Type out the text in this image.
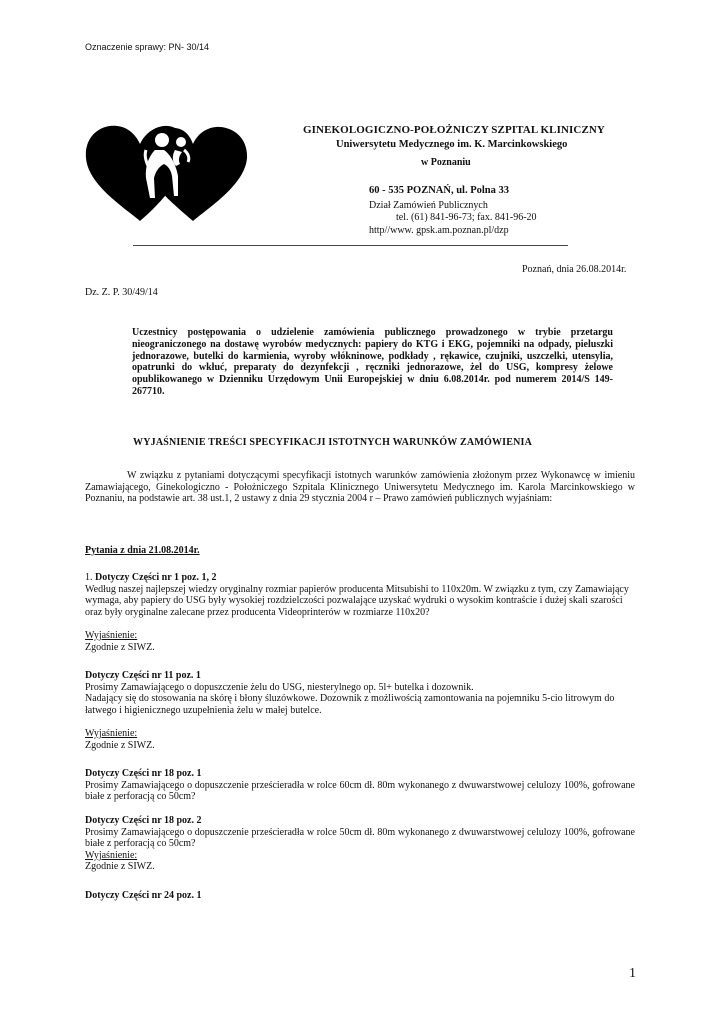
Oznaczenie sprawy: PN- 30/14
GINEKOLOGICZNO-POŁOŻNICZY SZPITAL KLINICZNY
Uniwersytetu Medycznego im. K. Marcinkowskiego
w Poznaniu
60 - 535 POZNAŃ, ul. Polna 33
Dział Zamówień Publicznych
tel. (61) 841-96-73; fax. 841-96-20
http//www. gpsk.am.poznan.pl/dzp
Poznań, dnia 26.08.2014r.
Dz. Z. P. 30/49/14
Uczestnicy postępowania o udzielenie zamówienia publicznego prowadzonego w trybie przetargu nieograniczonego na dostawę wyrobów medycznych: papiery do KTG i EKG, pojemniki na odpady, pieluszki jednorazowe, butelki do karmienia, wyroby włókninowe, podkłady , rękawice, czujniki, uszczelki, utensylia, opatrunki do wkłuć, preparaty do dezynfekcji , ręczniki jednorazowe, żel do USG, kompresy żelowe opublikowanego w Dzienniku Urzędowym Unii Europejskiej w dniu 6.08.2014r. pod numerem 2014/S 149-267710.
WYJAŚNIENIE TREŚCI SPECYFIKACJI ISTOTNYCH WARUNKÓW ZAMÓWIENIA
W związku z pytaniami dotyczącymi specyfikacji istotnych warunków zamówienia złożonym przez Wykonawcę w imieniu Zamawiającego, Ginekologiczno - Położniczego Szpitala Klinicznego Uniwersytetu Medycznego im. Karola Marcinkowskiego w Poznaniu, na podstawie art. 38 ust.1, 2 ustawy z dnia 29 stycznia 2004 r – Prawo zamówień publicznych wyjaśniam:
Pytania z dnia 21.08.2014r.

1. Dotyczy Części nr 1 poz. 1, 2

Według naszej najlepszej wiedzy oryginalny rozmiar papierów producenta Mitsubishi to 110x20m. W związku z tym, czy Zamawiający wymaga, aby papiery do USG były wysokiej rozdzielczości pozwalające uzyskać wydruki o wysokim kontraście i dużej skali szarości oraz były oryginalne zalecane przez producenta Videoprinterów w rozmiarze 110x20?

Wyjaśnienie:

Zgodnie z SIWZ.

Dotyczy Części nr 11 poz. 1

Prosimy Zamawiającego o dopuszczenie żelu do USG, niesterylnego op. 5l+ butelka i dozownik.

Nadający się do stosowania na skórę i błony śluzówkowe. Dozownik z możliwością zamontowania na pojemniku 5-cio litrowym do łatwego i higienicznego uzupełnienia żelu w małej butelce.

Wyjaśnienie:

Zgodnie z SIWZ.

Dotyczy Części nr 18 poz. 1

Prosimy Zamawiającego o dopuszczenie prześcieradła w rolce 60cm dł. 80m wykonanego z dwuwarstwowej celulozy 100%, gofrowane białe z perforacją co 50cm?

Dotyczy Części nr 18 poz. 2

Prosimy Zamawiającego o dopuszczenie prześcieradła w rolce 50cm dł. 80m wykonanego z dwuwarstwowej celulozy 100%, gofrowane białe z perforacją co 50cm?

Wyjaśnienie:

Zgodnie z SIWZ.

Dotyczy Części nr 24 poz. 1

1
